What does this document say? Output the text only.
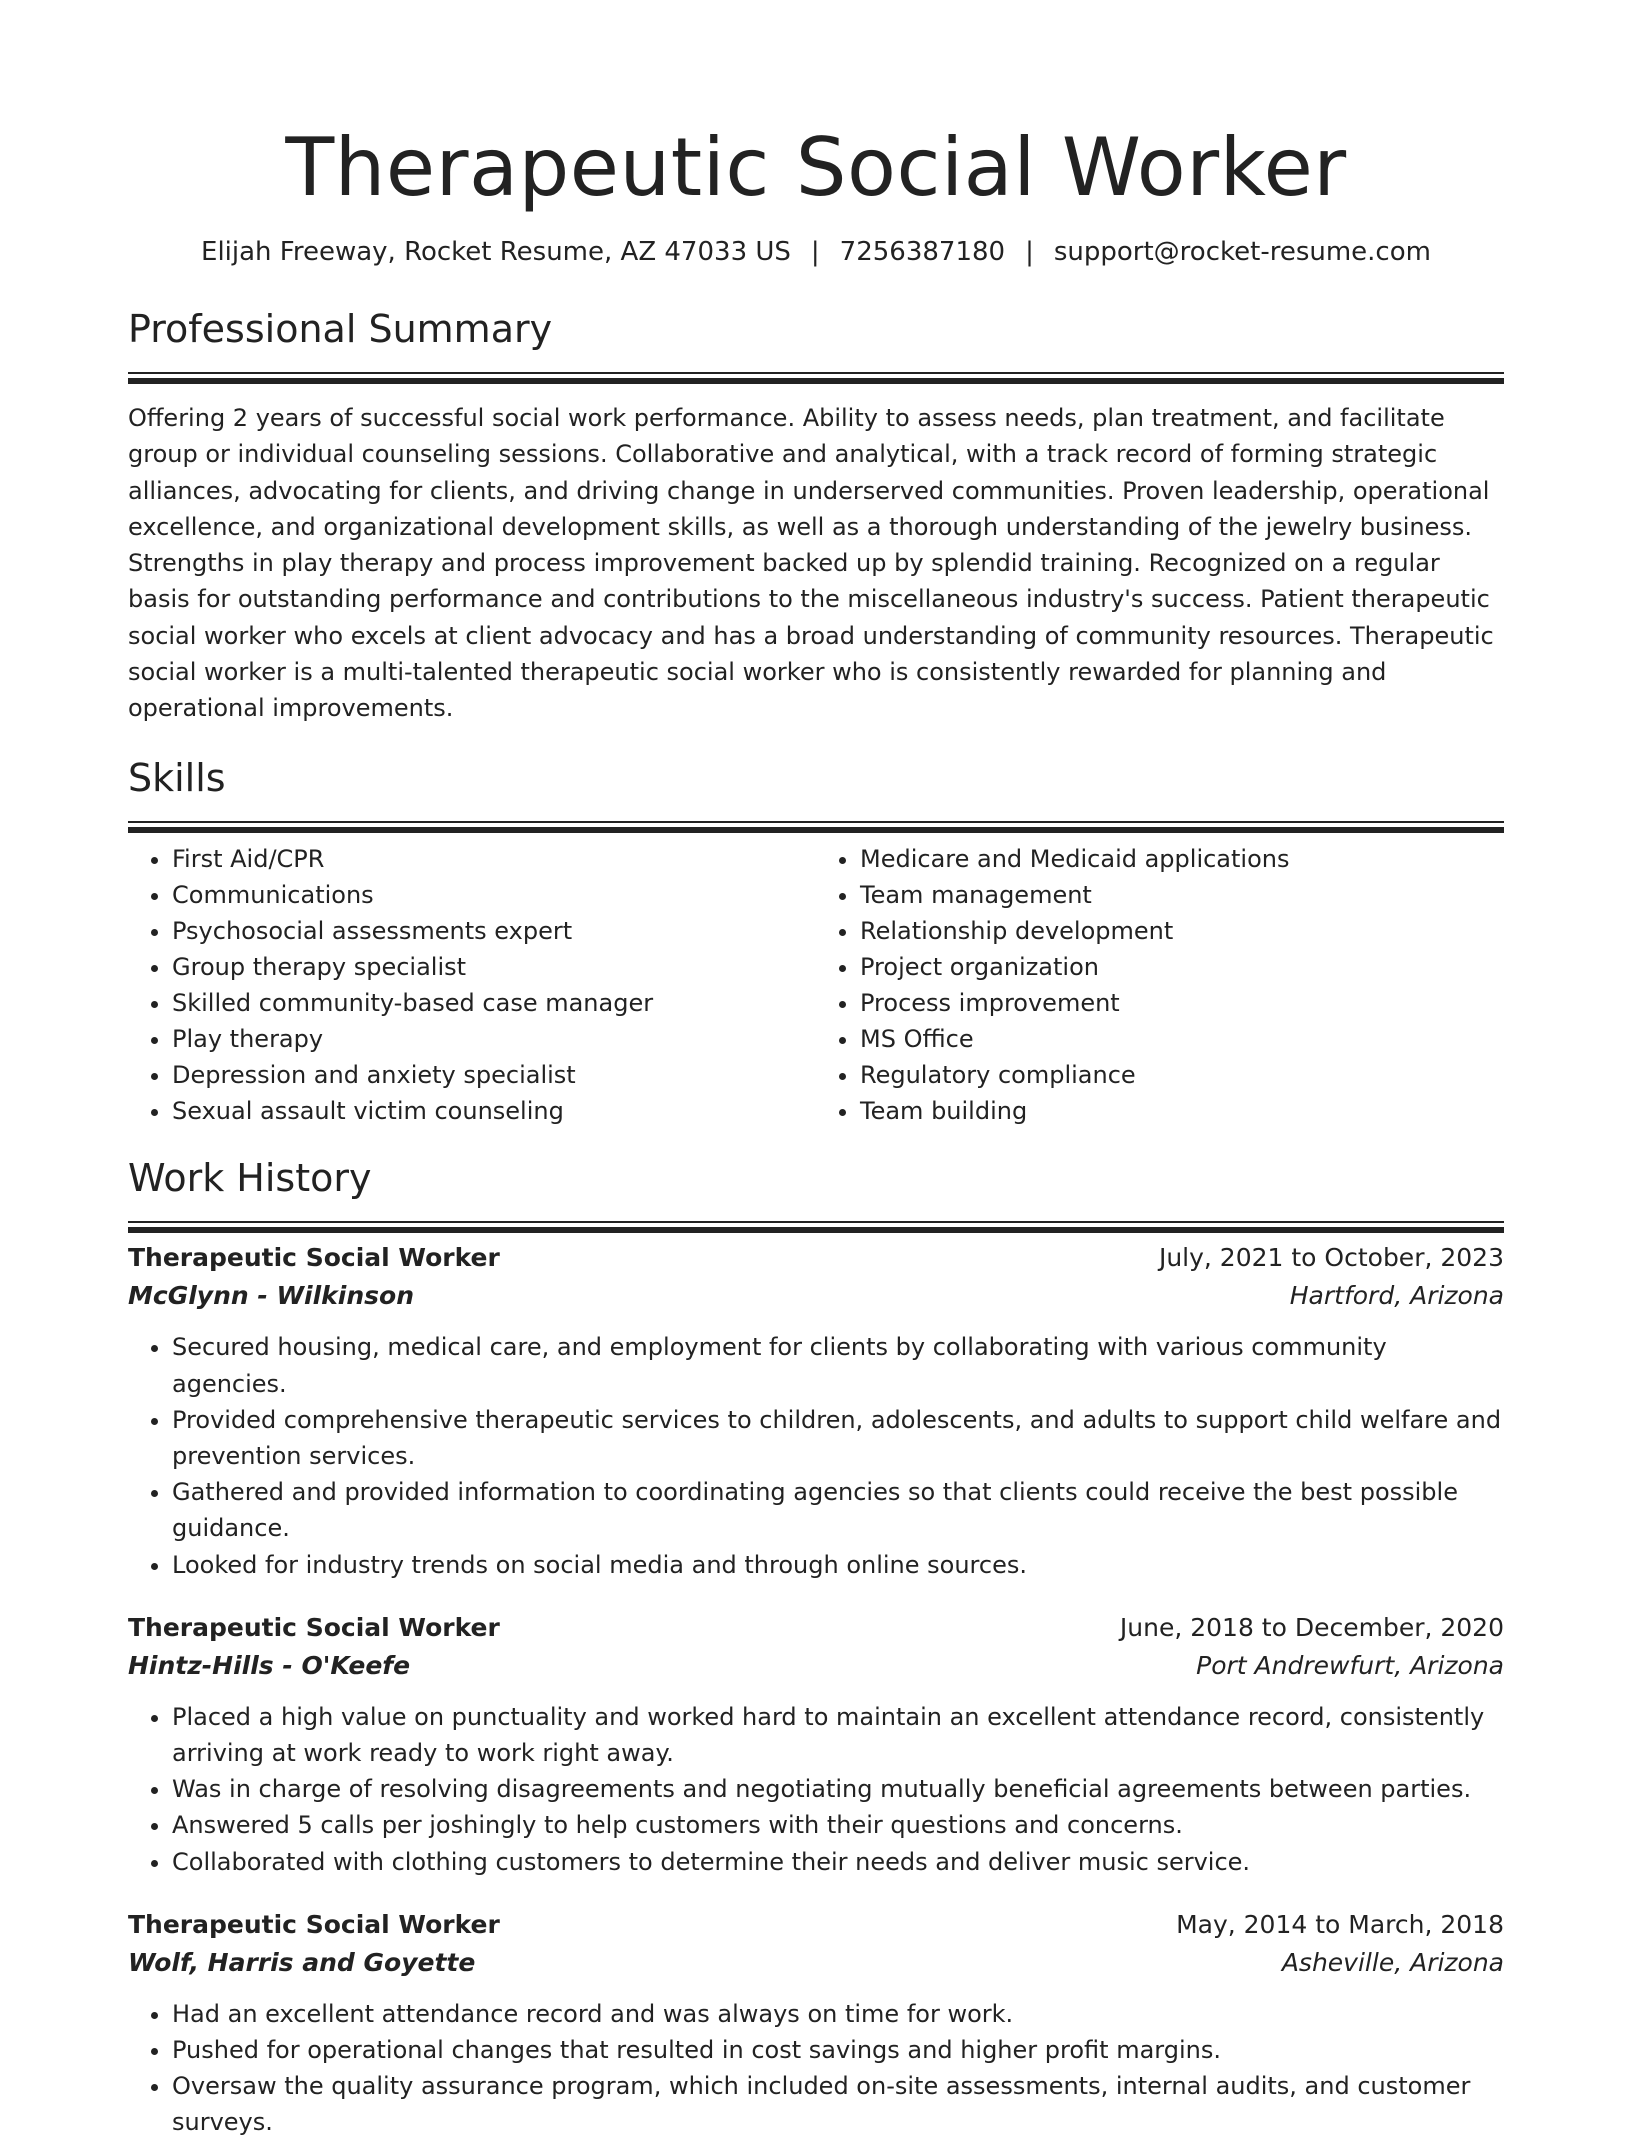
Therapeutic Social Worker
Elijah Freeway, Rocket Resume, AZ 47033 US | 7256387180 | support@rocket-resume.com
Professional Summary

Offering 2 years of successful social work performance. Ability to assess needs, plan treatment, and facilitate group or individual counseling sessions. Collaborative and analytical, with a track record of forming strategic alliances, advocating for clients, and driving change in underserved communities. Proven leadership, operational excellence, and organizational development skills, as well as a thorough understanding of the jewelry business. Strengths in play therapy and process improvement backed up by splendid training. Recognized on a regular basis for outstanding performance and contributions to the miscellaneous industry's success. Patient therapeutic social worker who excels at client advocacy and has a broad understanding of community resources. Therapeutic social worker is a multi-talented therapeutic social worker who is consistently rewarded for planning and operational improvements.

Skills
• First Aid/CPR
• Communications
• Psychosocial assessments expert
• Group therapy specialist
• Skilled community-based case manager
• Play therapy
• Depression and anxiety specialist
• Sexual assault victim counseling
• Medicare and Medicaid applications
• Team management
• Relationship development
• Project organization
• Process improvement
• MS Office
• Regulatory compliance
• Team building
Work History
Therapeutic Social Worker	July, 2021 to October, 2023
McGlynn - Wilkinson	Hartford, Arizona
• Secured housing, medical care, and employment for clients by collaborating with various community agencies.
• Provided comprehensive therapeutic services to children, adolescents, and adults to support child welfare and prevention services.
• Gathered and provided information to coordinating agencies so that clients could receive the best possible guidance.
• Looked for industry trends on social media and through online sources.
Therapeutic Social Worker	June, 2018 to December, 2020
Hintz-Hills - O'Keefe	Port Andrewfurt, Arizona
• Placed a high value on punctuality and worked hard to maintain an excellent attendance record, consistently arriving at work ready to work right away.
• Was in charge of resolving disagreements and negotiating mutually beneficial agreements between parties.
• Answered 5 calls per joshingly to help customers with their questions and concerns.
• Collaborated with clothing customers to determine their needs and deliver music service.
Therapeutic Social Worker	May, 2014 to March, 2018
Wolf, Harris and Goyette	Asheville, Arizona
• Had an excellent attendance record and was always on time for work.
• Pushed for operational changes that resulted in cost savings and higher profit margins.
• Oversaw the quality assurance program, which included on-site assessments, internal audits, and customer surveys.
